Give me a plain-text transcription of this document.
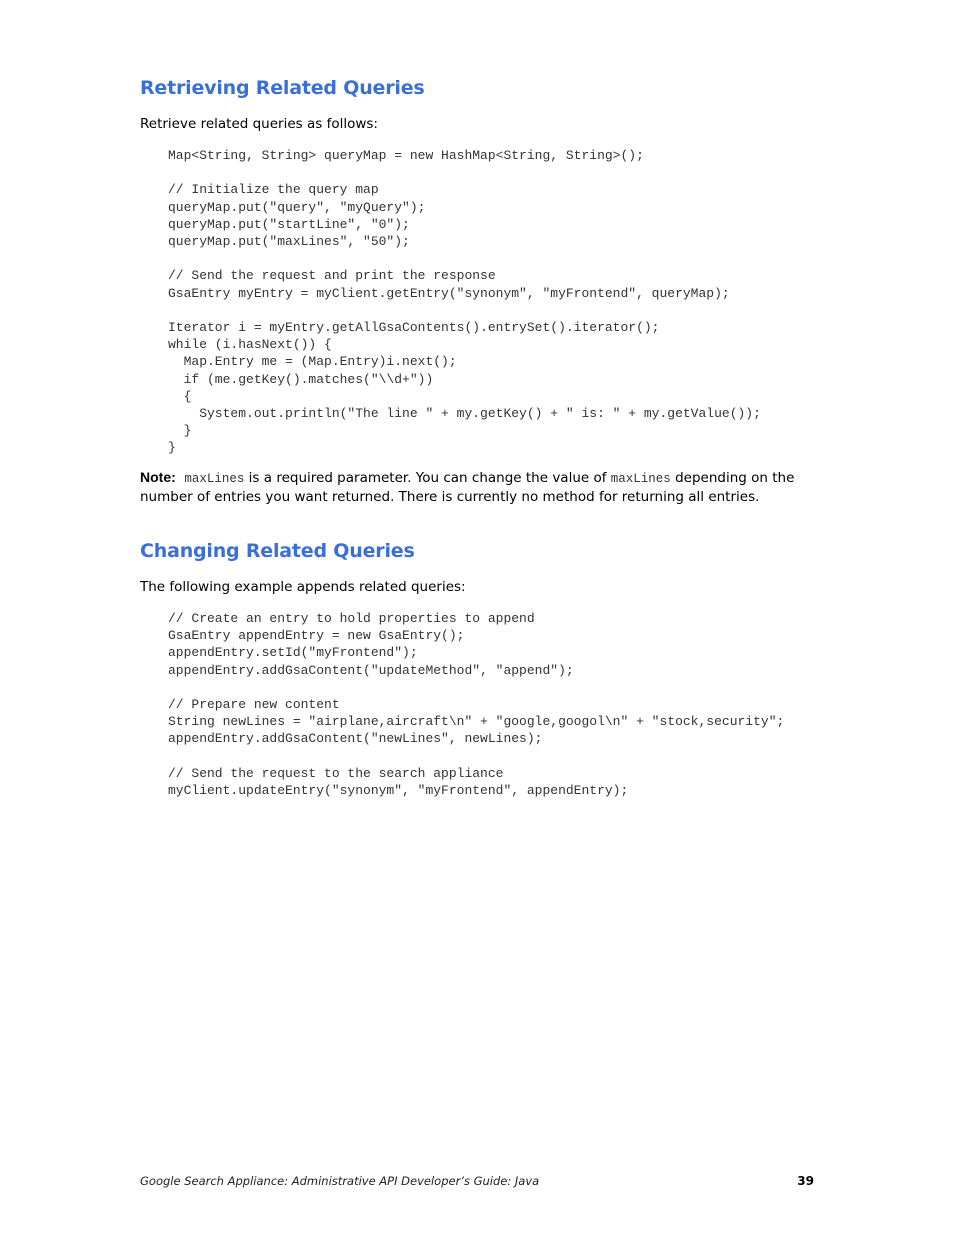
Retrieving Related Queries

Retrieve related queries as follows:

Map<String, String> queryMap = new HashMap<String, String>();

// Initialize the query map
queryMap.put("query", "myQuery");
queryMap.put("startLine", "0");
queryMap.put("maxLines", "50");

// Send the request and print the response
GsaEntry myEntry = myClient.getEntry("synonym", "myFrontend", queryMap);

Iterator i = myEntry.getAllGsaContents().entrySet().iterator();
while (i.hasNext()) {
Map.Entry me = (Map.Entry)i.next();
if (me.getKey().matches("\\d+"))
{
System.out.println("The line " + my.getKey() + " is: " + my.getValue());
}
}

Note: maxLines is a required parameter. You can change the value of maxLines depending on the number of entries you want returned. There is currently no method for returning all entries.

Changing Related Queries

The following example appends related queries:

// Create an entry to hold properties to append
GsaEntry appendEntry = new GsaEntry();
appendEntry.setId("myFrontend");
appendEntry.addGsaContent("updateMethod", "append");

// Prepare new content
String newLines = "airplane,aircraft\n" + "google,googol\n" + "stock,security";
appendEntry.addGsaContent("newLines", newLines);

// Send the request to the search appliance
myClient.updateEntry("synonym", "myFrontend", appendEntry);

Google Search Appliance: Administrative API Developer’s Guide: Java	39
